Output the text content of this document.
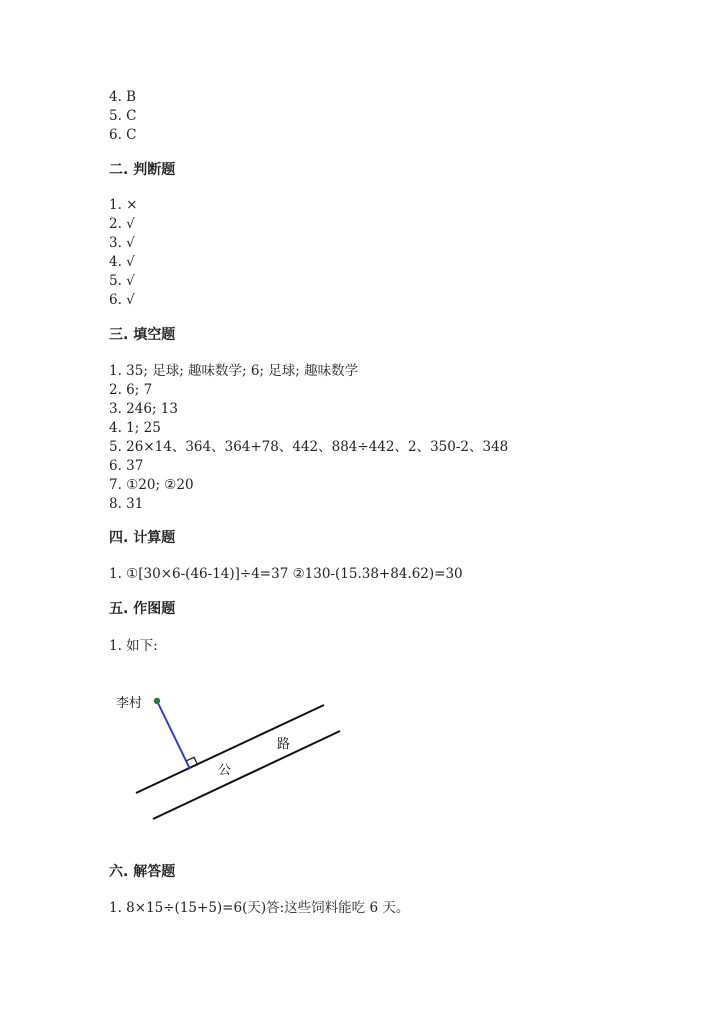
4. B
5. C
6. C
二. 判断题
1. ×
2. √
3. √
4. √
5. √
6. √
三. 填空题
1. 35; 足球; 趣味数学; 6; 足球; 趣味数学
2. 6; 7
3. 246; 13
4. 1; 25
5. 26×14、364、364+78、442、884÷442、2、350-2、348
6. 37
7. ①20; ②20
8. 31
四. 计算题
1. ①[30×6-(46-14)]÷4=37 ②130-(15.38+84.62)=30
五. 作图题
1. 如下:
李村
公
路
六. 解答题
1. 8×15÷(15+5)=6(天)答:这些饲料能吃 6 天。
